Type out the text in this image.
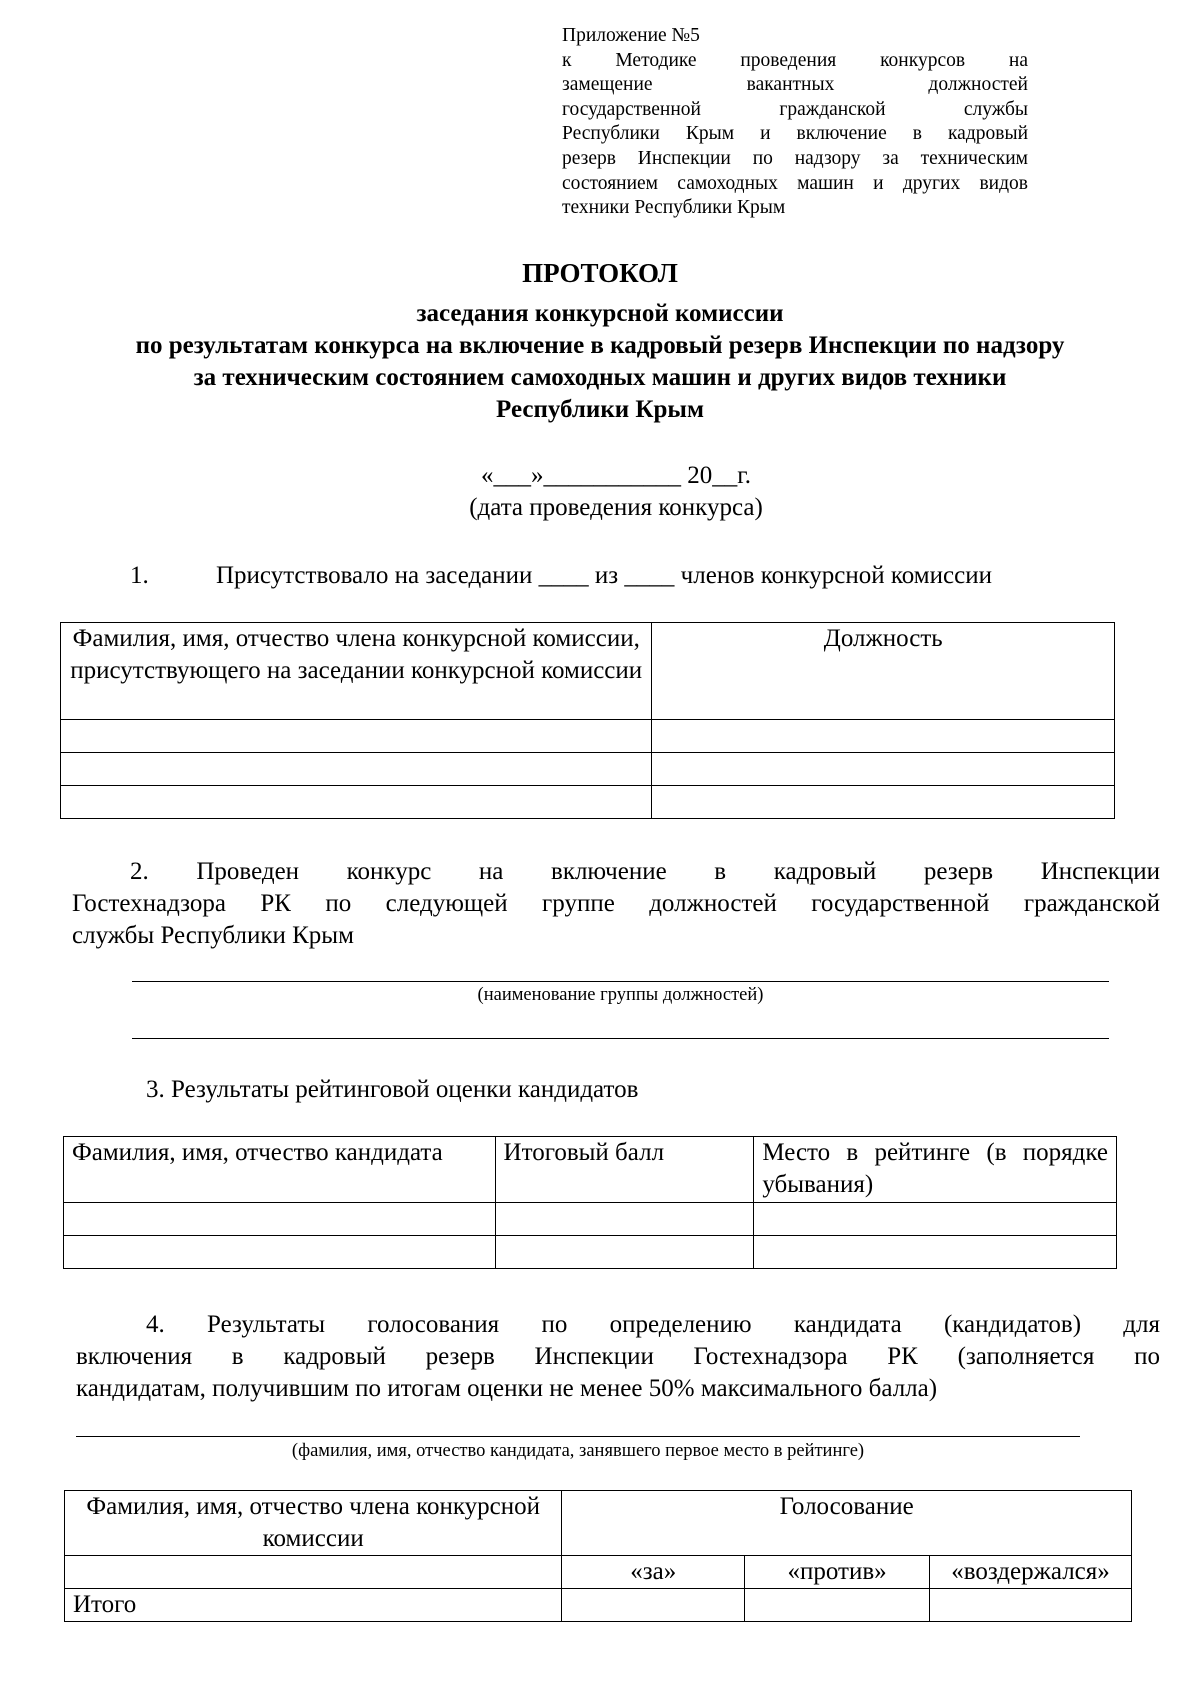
Приложение №5
к Методике проведения конкурсов на
замещение вакантных должностей
государственной гражданской службы
Республики Крым и включение в кадровый
резерв Инспекции по надзору за техническим
состоянием самоходных машин и других видов
техники Республики Крым
ПРОТОКОЛ
заседания конкурсной комиссии
по результатам конкурса на включение в кадровый резерв Инспекции по надзору
за техническим состоянием самоходных машин и других видов техники
Республики Крым
«___»___________ 20__г.
(дата проведения конкурса)
1.	Присутствовало на заседании ____ из ____ членов конкурсной комиссии
Фамилия, имя, отчество члена конкурсной комиссии, присутствующего на заседании конкурсной комиссии	Должность

2. Проведен конкурс на включение в кадровый резерв Инспекции
Гостехнадзора РК по следующей группе должностей государственной гражданской
службы Республики Крым
(наименование группы должностей)
3. Результаты рейтинговой оценки кандидатов
Фамилия, имя, отчество кандидата	Итоговый балл	Место в рейтинге (в порядке убывания)

4. Результаты голосования по определению кандидата (кандидатов) для
включения в кадровый резерв Инспекции Гостехнадзора РК (заполняется по
кандидатам, получившим по итогам оценки не менее 50% максимального балла)
(фамилия, имя, отчество кандидата, занявшего первое место в рейтинге)
Фамилия, имя, отчество члена конкурсной комиссии	Голосование		
	«за»	«против»	«воздержался»
Итого			
